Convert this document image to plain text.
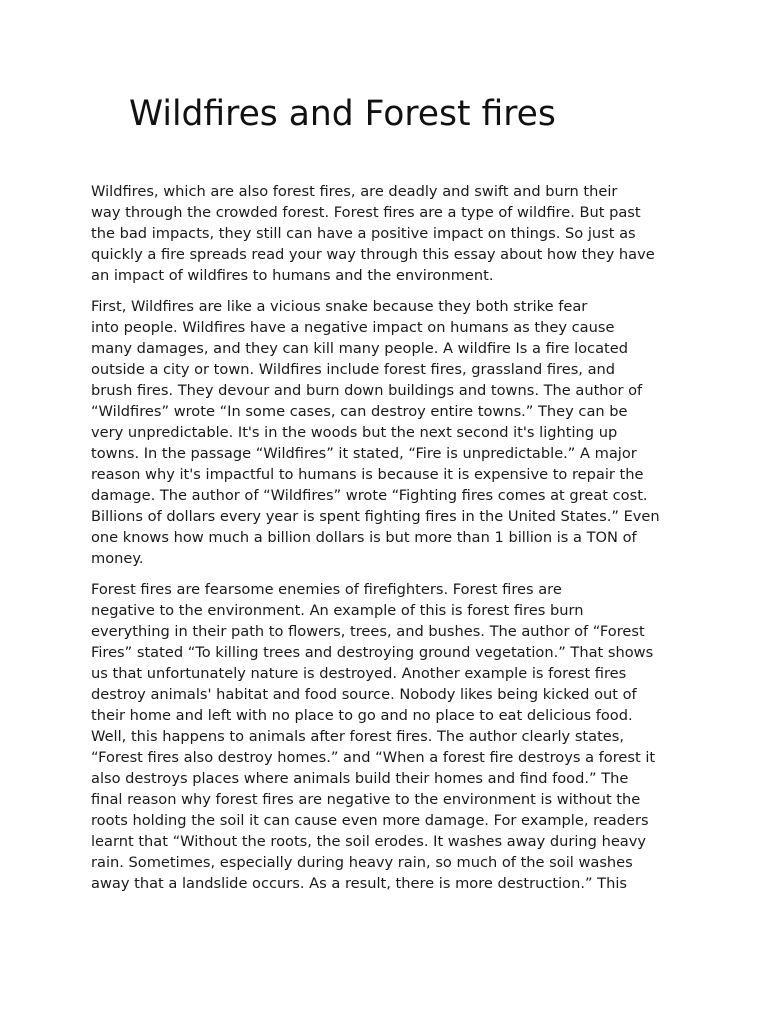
Wildfires and Forest fires

Wildfires, which are also forest fires, are deadly and swift and burn their
way through the crowded forest. Forest fires are a type of wildfire. But past
the bad impacts, they still can have a positive impact on things. So just as
quickly a fire spreads read your way through this essay about how they have
an impact of wildfires to humans and the environment.

First, Wildfires are like a vicious snake because they both strike fear
into people. Wildfires have a negative impact on humans as they cause
many damages, and they can kill many people. A wildfire Is a fire located
outside a city or town. Wildfires include forest fires, grassland fires, and
brush fires. They devour and burn down buildings and towns. The author of
“Wildfires” wrote “In some cases, can destroy entire towns.” They can be
very unpredictable. It's in the woods but the next second it's lighting up
towns. In the passage “Wildfires” it stated, “Fire is unpredictable.” A major
reason why it's impactful to humans is because it is expensive to repair the
damage. The author of “Wildfires” wrote “Fighting fires comes at great cost.
Billions of dollars every year is spent fighting fires in the United States.” Even
one knows how much a billion dollars is but more than 1 billion is a TON of
money.

Forest fires are fearsome enemies of firefighters. Forest fires are
negative to the environment. An example of this is forest fires burn
everything in their path to flowers, trees, and bushes. The author of “Forest
Fires” stated “To killing trees and destroying ground vegetation.” That shows
us that unfortunately nature is destroyed. Another example is forest fires
destroy animals' habitat and food source. Nobody likes being kicked out of
their home and left with no place to go and no place to eat delicious food.
Well, this happens to animals after forest fires. The author clearly states,
“Forest fires also destroy homes.” and “When a forest fire destroys a forest it
also destroys places where animals build their homes and find food.” The
final reason why forest fires are negative to the environment is without the
roots holding the soil it can cause even more damage. For example, readers
learnt that “Without the roots, the soil erodes. It washes away during heavy
rain. Sometimes, especially during heavy rain, so much of the soil washes
away that a landslide occurs. As a result, there is more destruction.” This
